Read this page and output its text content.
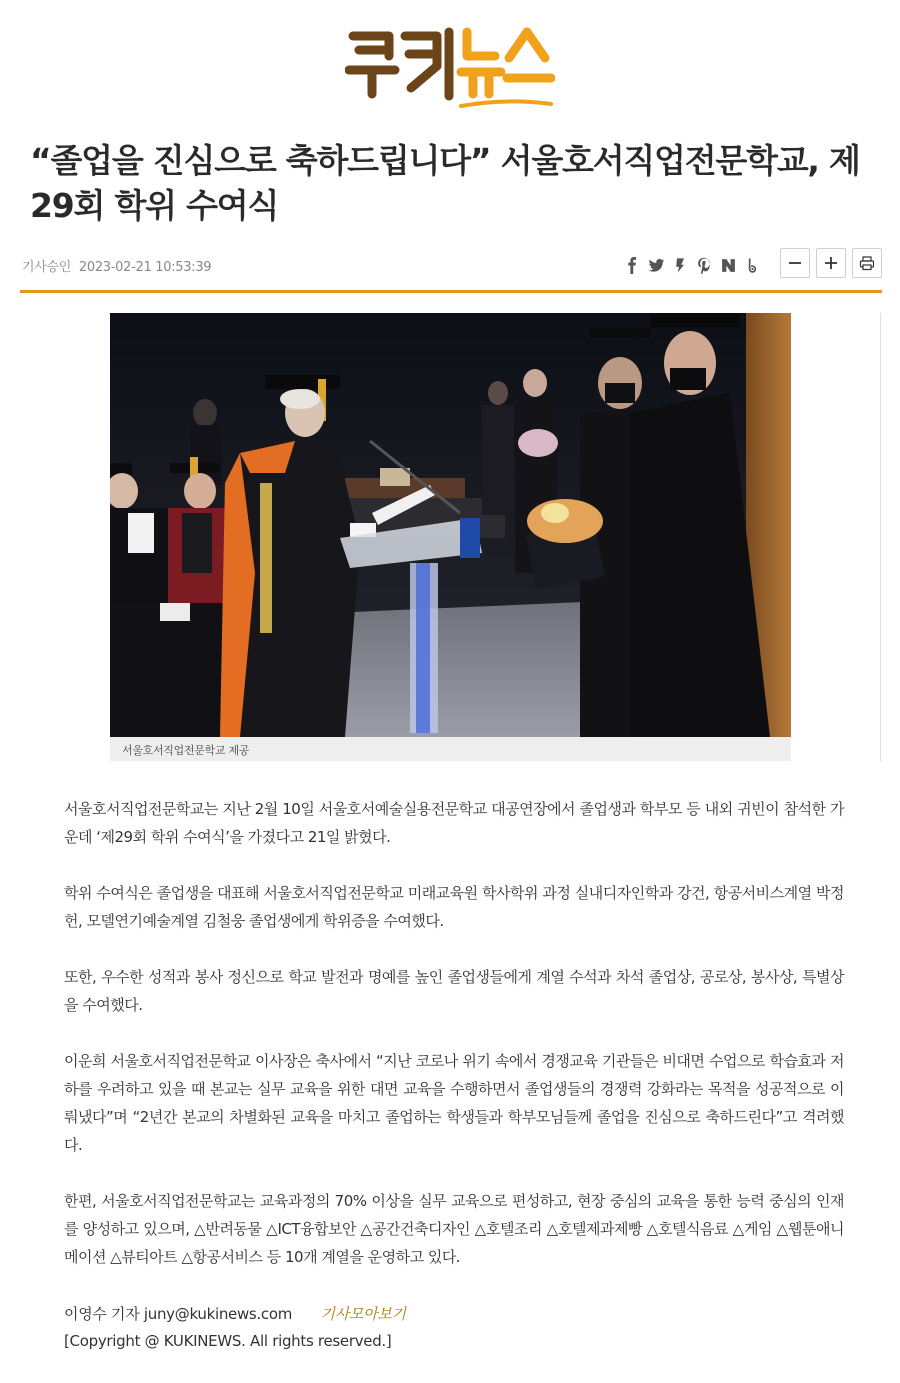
“졸업을 진심으로 축하드립니다” 서울호서직업전문학교, 제29회 학위 수여식
기사승인 2023-02-21 10:53:39
서울호서직업전문학교 제공

서울호서직업전문학교는 지난 2월 10일 서울호서예술실용전문학교 대공연장에서 졸업생과 학부모 등 내외 귀빈이 참석한 가운데 ‘제29회 학위 수여식’을 가졌다고 21일 밝혔다.

학위 수여식은 졸업생을 대표해 서울호서직업전문학교 미래교육원 학사학위 과정 실내디자인학과 강건, 항공서비스계열 박정헌, 모델연기예술계열 김철웅 졸업생에게 학위증을 수여했다.

또한, 우수한 성적과 봉사 정신으로 학교 발전과 명예를 높인 졸업생들에게 계열 수석과 차석 졸업상, 공로상, 봉사상, 특별상을 수여했다.

이운희 서울호서직업전문학교 이사장은 축사에서 “지난 코로나 위기 속에서 경쟁교육 기관들은 비대면 수업으로 학습효과 저하를 우려하고 있을 때 본교는 실무 교육을 위한 대면 교육을 수행하면서 졸업생들의 경쟁력 강화라는 목적을 성공적으로 이뤄냈다”며 “2년간 본교의 차별화된 교육을 마치고 졸업하는 학생들과 학부모님들께 졸업을 진심으로 축하드린다”고 격려했다.

한편, 서울호서직업전문학교는 교육과정의 70% 이상을 실무 교육으로 편성하고, 현장 중심의 교육을 통한 능력 중심의 인재를 양성하고 있으며, △반려동물 △ICT융합보안 △공간건축디자인 △호텔조리 △호텔제과제빵 △호텔식음료 △게임 △웹툰애니메이션 △뷰티아트 △항공서비스 등 10개 계열을 운영하고 있다.

이영수 기자 juny@kukinews.com 기사모아보기
[Copyright @ KUKINEWS. All rights reserved.]
